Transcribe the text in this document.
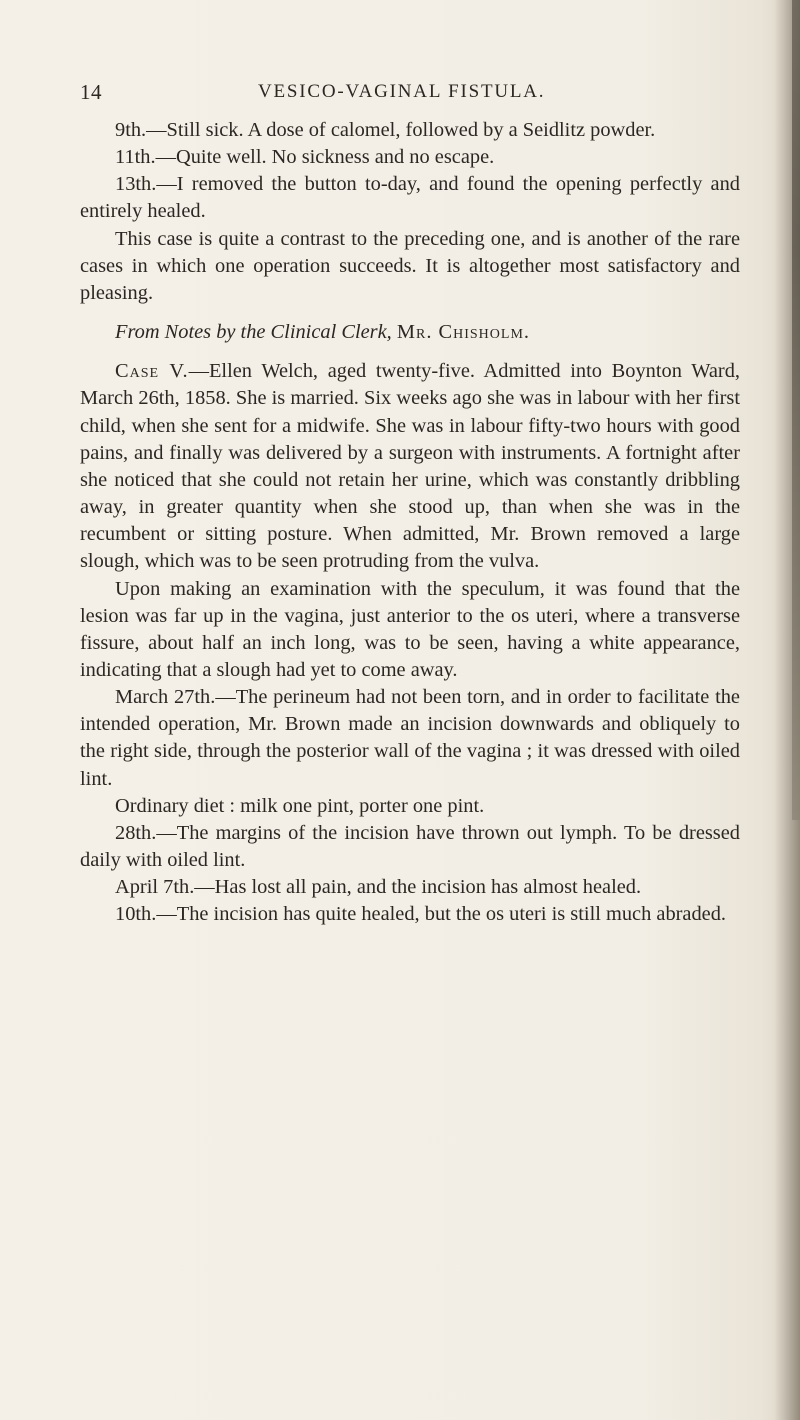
14	VESICO-VAGINAL FISTULA.

9th.—Still sick. A dose of calomel, followed by a Seidlitz powder.

11th.—Quite well. No sickness and no escape.

13th.—I removed the button to-day, and found the opening perfectly and entirely healed.

This case is quite a contrast to the preceding one, and is another of the rare cases in which one operation succeeds. It is altogether most satisfactory and pleasing.

From Notes by the Clinical Clerk, Mr. Chisholm.

Case V.—Ellen Welch, aged twenty-five. Admitted into Boynton Ward, March 26th, 1858. She is married. Six weeks ago she was in labour with her first child, when she sent for a midwife. She was in labour fifty-two hours with good pains, and finally was delivered by a surgeon with instruments. A fortnight after she noticed that she could not retain her urine, which was constantly dribbling away, in greater quantity when she stood up, than when she was in the recumbent or sitting posture. When admitted, Mr. Brown removed a large slough, which was to be seen protruding from the vulva.

Upon making an examination with the speculum, it was found that the lesion was far up in the vagina, just anterior to the os uteri, where a transverse fissure, about half an inch long, was to be seen, having a white appearance, indicating that a slough had yet to come away.

March 27th.—The perineum had not been torn, and in order to facilitate the intended operation, Mr. Brown made an incision downwards and obliquely to the right side, through the posterior wall of the vagina ; it was dressed with oiled lint.

Ordinary diet : milk one pint, porter one pint.

28th.—The margins of the incision have thrown out lymph. To be dressed daily with oiled lint.

April 7th.—Has lost all pain, and the incision has almost healed.

10th.—The incision has quite healed, but the os uteri is still much abraded.
